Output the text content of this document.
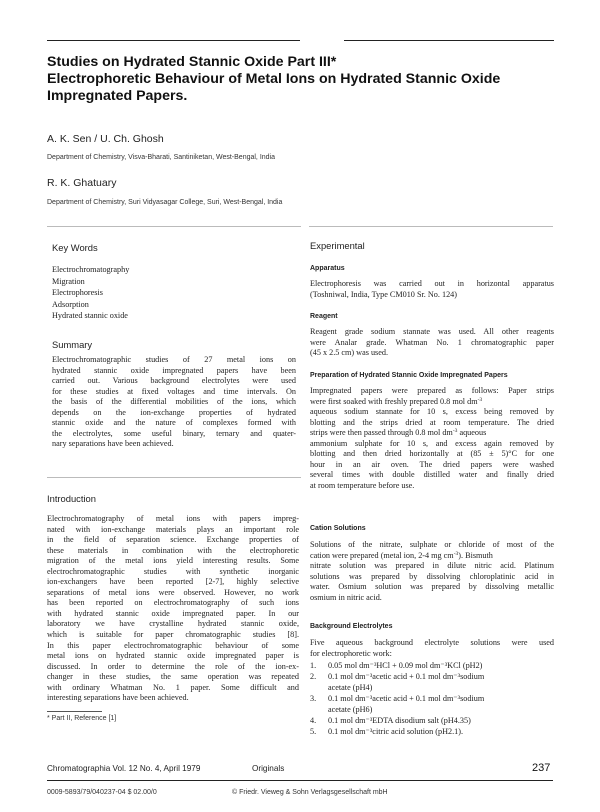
Studies on Hydrated Stannic Oxide Part III*
Electrophoretic Behaviour of Metal Ions on Hydrated Stannic Oxide
Impregnated Papers.
A. K. Sen / U. Ch. Ghosh
Department of Chemistry, Visva-Bharati, Santiniketan, West-Bengal, India
R. K. Ghatuary
Department of Chemistry, Suri Vidyasagar College, Suri, West-Bengal, India
Key Words
Electrochromatography
Migration
Electrophoresis
Adsorption
Hydrated stannic oxide
Summary
Electrochromatographic studies of 27 metal ions on
hydrated stannic oxide impregnated papers have been
carried out. Various background electrolytes were used
for these studies at fixed voltages and time intervals. On
the basis of the differential mobilities of the ions, which
depends on the ion-exchange properties of hydrated
stannic oxide and the nature of complexes formed with
the electrolytes, some useful binary, ternary and quater-
nary separations have been achieved.
Introduction
Electrochromatography of metal ions with papers impreg-
nated with ion-exchange materials plays an important role
in the field of separation science. Exchange properties of
these materials in combination with the electrophoretic
migration of the metal ions yield interesting results. Some
electrochromatographic studies with synthetic inorganic
ion-exchangers have been reported [2-7], highly selective
separations of metal ions were observed. However, no work
has been reported on electrochromatography of such ions
with hydrated stannic oxide impregnated paper. In our
laboratory we have crystalline hydrated stannic oxide,
which is suitable for paper chromatographic studies [8].
In this paper electrochromatographic behaviour of some
metal ions on hydrated stannic oxide impregnated paper is
discussed. In order to determine the role of the ion-ex-
changer in these studies, the same operation was repeated
with ordinary Whatman No. 1 paper. Some difficult and
interesting separations have been achieved.
* Part II, Reference [1]
Experimental
Apparatus
Electrophoresis was carried out in horizontal apparatus
(Toshniwal, India, Type CM010 Sr. No. 124)
Reagent
Reagent grade sodium stannate was used. All other reagents
were Analar grade. Whatman No. 1 chromatographic paper
(45 x 2.5 cm) was used.
Preparation of Hydrated Stannic Oxide Impregnated Papers
Impregnated papers were prepared as follows: Paper strips
were first soaked with freshly prepared 0.8 mol $dm^{-3}$
aqueous sodium stannate for 10 s, excess being removed by
blotting and the strips dried at room temperature. The dried
strips were then passed through 0.8 mol $dm^{-3}$ aqueous
ammonium sulphate for 10 s, and excess again removed by
blotting and then dried horizontally at (85 ± 5)°C for one
hour in an air oven. The dried papers were washed
several times with double distilled water and finally dried
at room temperature before use.
Cation Solutions
Solutions of the nitrate, sulphate or chloride of most of the
cation were prepared (metal ion, 2-4 mg $cm^{-3}$). Bismuth
nitrate solution was prepared in dilute nitric acid. Platinum
solutions was prepared by dissolving chloroplatinic acid in
water. Osmium solution was prepared by dissolving metallic
osmium in nitric acid.
Background Electrolytes
Five aqueous background electrolyte solutions were used
for electrophoretic work:
1. 0.05 mol dm⁻³HCl + 0.09 mol dm⁻³KCl (pH2)
2. 0.1 mol dm⁻³acetic acid + 0.1 mol dm⁻³sodium
acetate (pH4)
3. 0.1 mol dm⁻³acetic acid + 0.1 mol dm⁻³sodium
acetate (pH6)
4. 0.1 mol dm⁻³EDTA disodium salt (pH4.35)
5. 0.1 mol dm⁻³citric acid solution (pH2.1).
Chromatographia Vol. 12 No. 4, April 1979	Originals	237
0009-5893/79/040237-04 $ 02.00/0	© Friedr. Vieweg & Sohn Verlagsgesellschaft mbH
